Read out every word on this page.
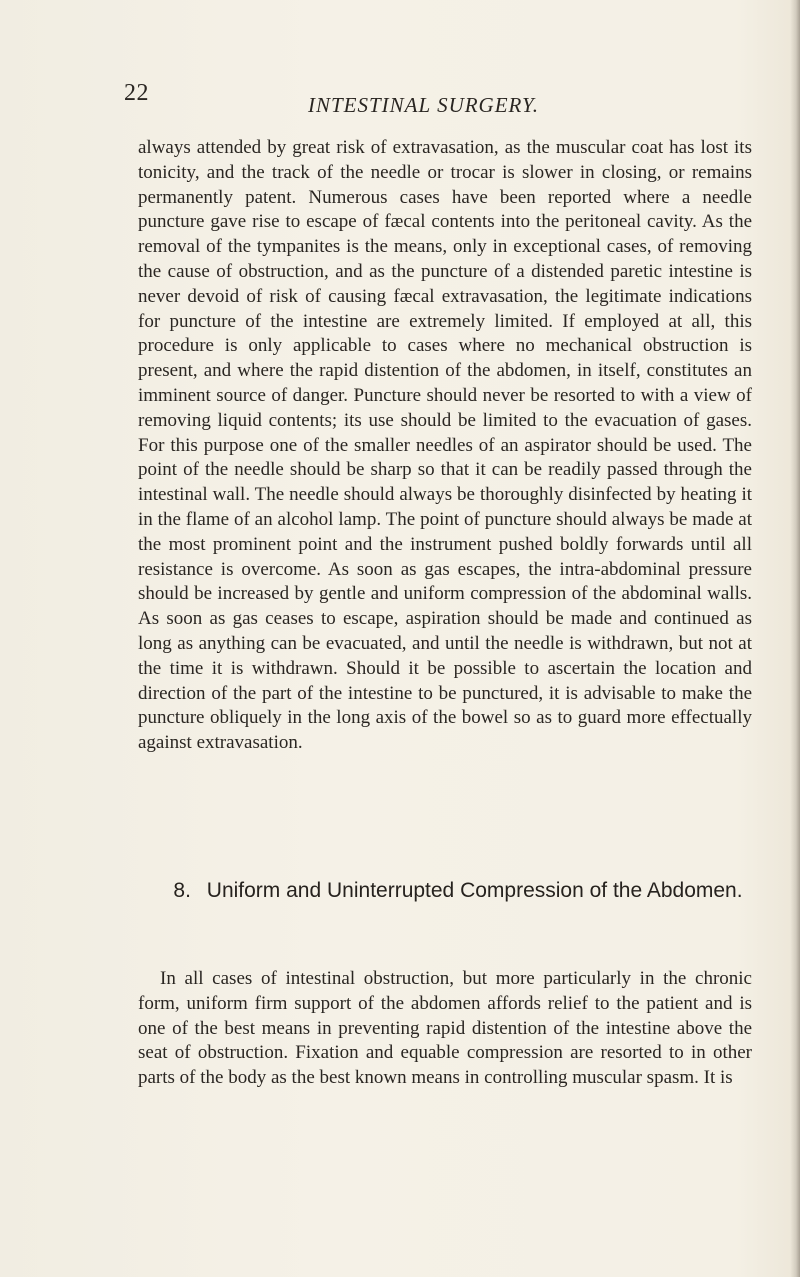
22	INTESTINAL SURGERY.

always attended by great risk of extravasation, as the muscular coat has lost its tonicity, and the track of the needle or trocar is slower in closing, or remains permanently patent. Numerous cases have been reported where a needle puncture gave rise to escape of fæcal contents into the peritoneal cavity. As the removal of the tympanites is the means, only in exceptional cases, of removing the cause of obstruction, and as the puncture of a distended paretic intestine is never devoid of risk of causing fæcal extravasation, the legitimate indications for puncture of the intestine are extremely limited. If employed at all, this procedure is only applicable to cases where no mechanical obstruction is present, and where the rapid distention of the abdomen, in itself, constitutes an imminent source of danger. Puncture should never be resorted to with a view of removing liquid contents; its use should be limited to the evacuation of gases. For this purpose one of the smaller needles of an aspirator should be used. The point of the needle should be sharp so that it can be readily passed through the intestinal wall. The needle should always be thoroughly disinfected by heating it in the flame of an alcohol lamp. The point of puncture should always be made at the most prominent point and the instrument pushed boldly forwards until all resistance is overcome. As soon as gas escapes, the intra-abdominal pressure should be increased by gentle and uniform compression of the abdominal walls. As soon as gas ceases to escape, aspiration should be made and continued as long as anything can be evacuated, and until the needle is withdrawn, but not at the time it is withdrawn. Should it be possible to ascertain the location and direction of the part of the intestine to be punctured, it is advisable to make the puncture obliquely in the long axis of the bowel so as to guard more effectually against extravasation.

8. Uniform and Uninterrupted Compression of the Abdomen.

In all cases of intestinal obstruction, but more particularly in the chronic form, uniform firm support of the abdomen affords relief to the patient and is one of the best means in preventing rapid distention of the intestine above the seat of obstruction. Fixation and equable compression are resorted to in other parts of the body as the best known means in controlling muscular spasm. It is
